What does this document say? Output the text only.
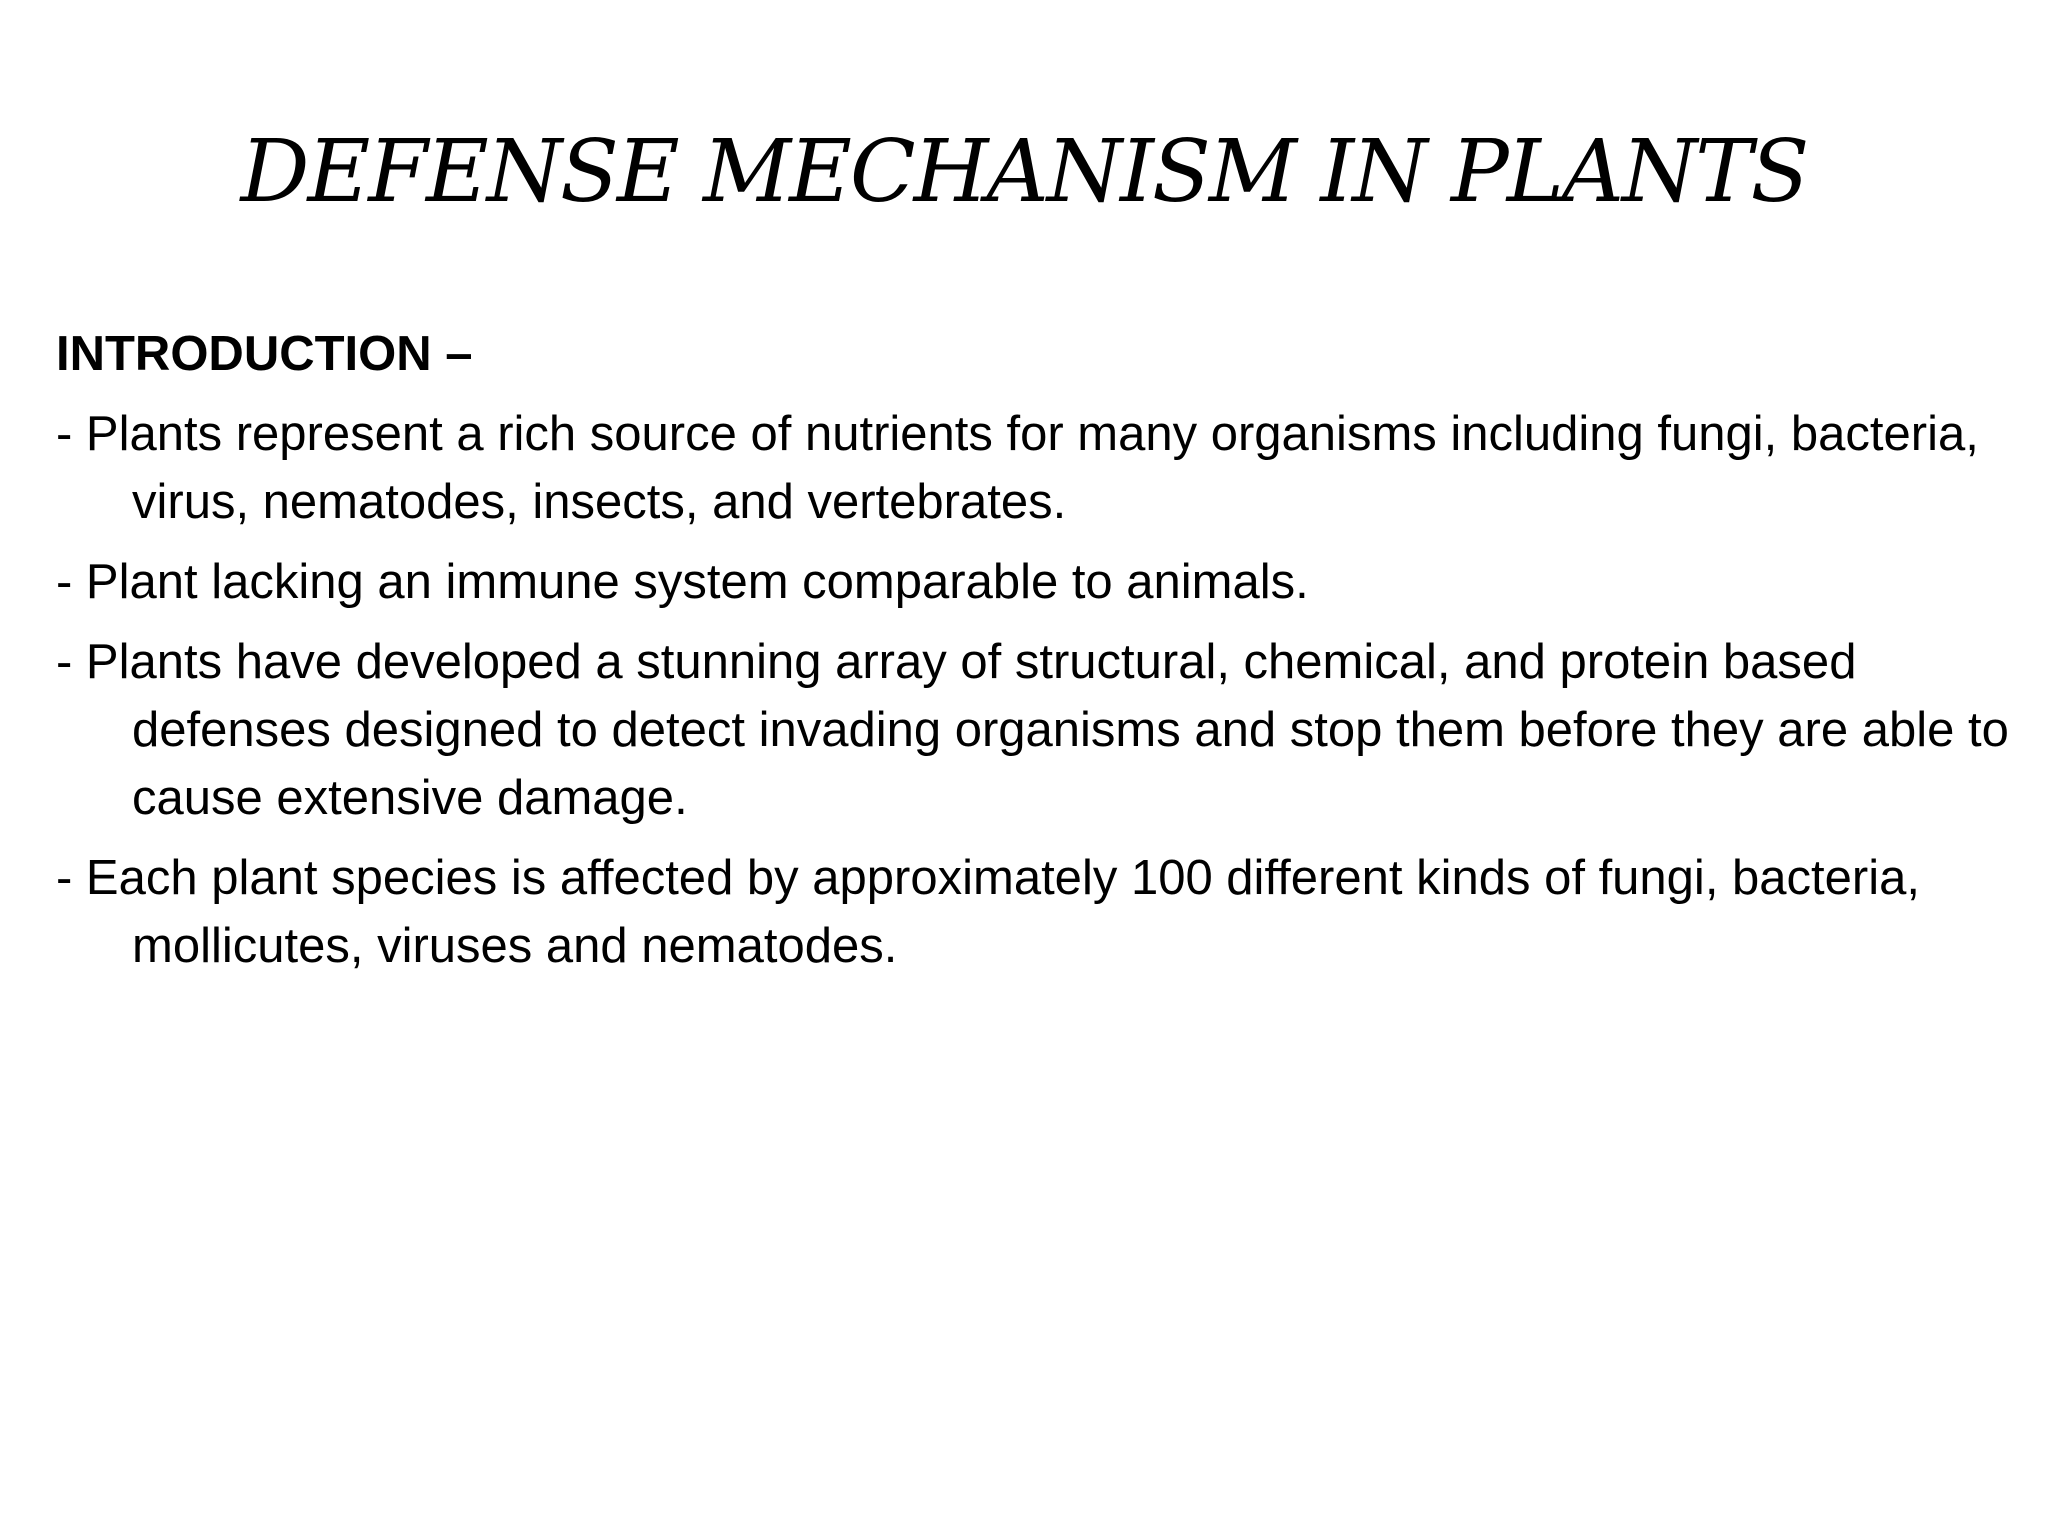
DEFENSE MECHANISM IN PLANTS
INTRODUCTION –
- Plants represent a rich source of nutrients for many organisms including fungi, bacteria, virus, nematodes, insects, and vertebrates.
- Plant lacking an immune system comparable to animals.
- Plants have developed a stunning array of structural, chemical, and protein based defenses designed to detect invading organisms and stop them before they are able to cause extensive damage.
- Each plant species is affected by approximately 100 different kinds of fungi, bacteria, mollicutes, viruses and nematodes.
